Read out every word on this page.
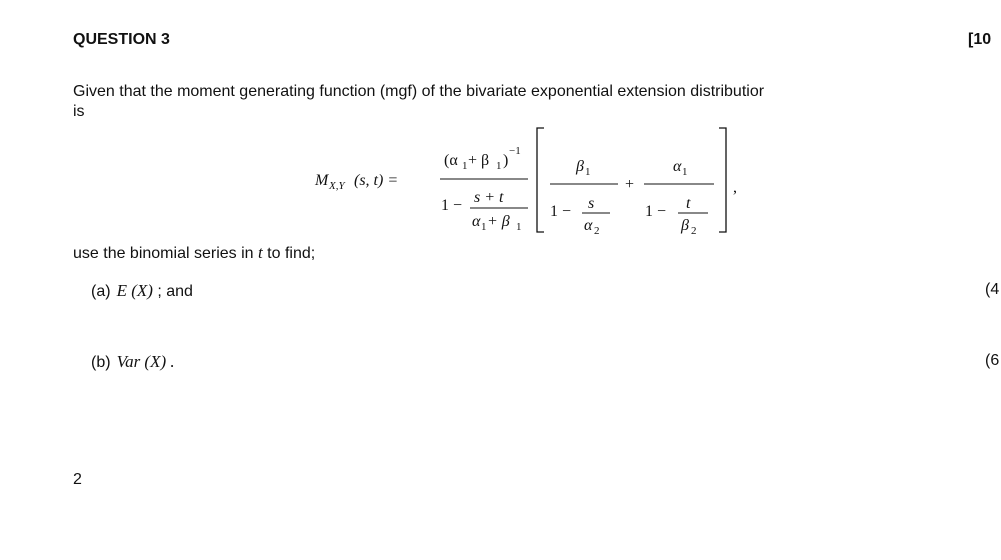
QUESTION 3	[10
Given that the moment generating function (mgf) of the bivariate exponential extension distributior
is
M X,Y (s, t) =
(α 1 + β 1 )
−1
1 − s + t
α 1 + β 1
β 1
1 − s
α 2
+
α 1
1 − t
β 2
,
use the binomial series in t to find;
(a) E (X) ; and	(4
(b) Var (X) .	(6
2
